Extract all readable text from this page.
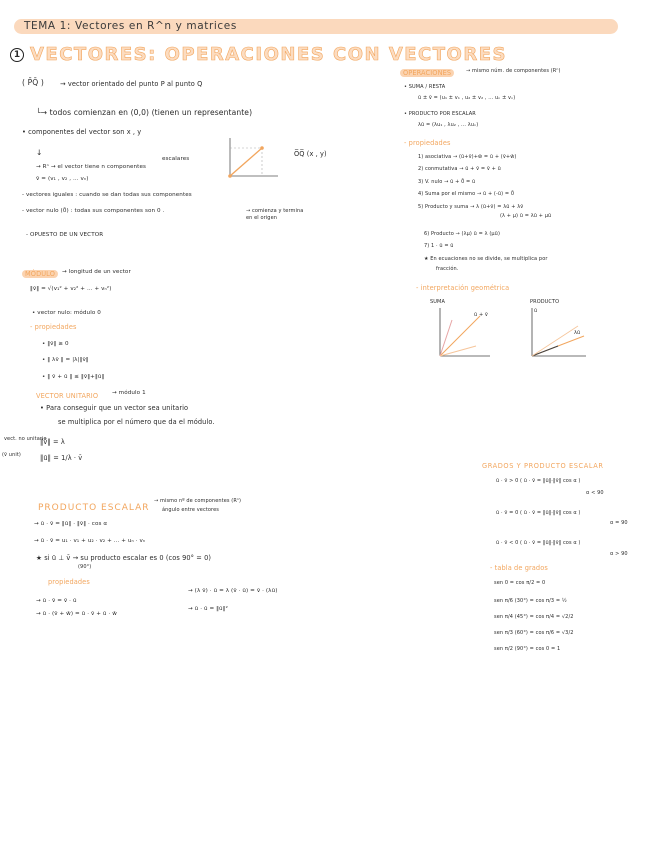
TEMA 1: Vectores en R^n y matrices
1 VECTORES: OPERACIONES CON VECTORES
( P̄Q̄ ) → vector orientado del punto P al punto Q
└→ todos comienzan en (0,0) (tienen un representante)
• componentes del vector son x , y
escalares
O̅Q̅ (x , y)
↓
→ Rⁿ → el vector tiene n componentes
v̄ = (v₁ , v₂ , ... vₙ)
- vectores iguales : cuando se dan todas sus componentes
- vector nulo (0̄) : todas sus componentes son 0 .	→ comienza y termina en el origen
- OPUESTO DE UN VECTOR
MÓDULO	→ longitud de un vector
‖v̄‖ = √(v₁² + v₂² + ... + vₙ²)
• vector nulo: módulo 0
- propiedades
• ‖v̄‖ ≥ 0
• ‖ λv̄ ‖ = |λ|‖v̄‖
• ‖ v̄ + ū ‖ ≤ ‖v̄‖+‖ū‖
VECTOR UNITARIO → módulo 1
• Para conseguir que un vector sea unitario
se multiplica por el número que da el módulo.
vect. no unitario
(v̄ unit)
‖v̄‖ = λ
‖ū‖ = 1/λ · v̄
PRODUCTO ESCALAR
→ mismo nº de componentes (Rⁿ)
ángulo entre vectores
→ ū · v̄ = ‖ū‖ · ‖v̄‖ · cos α
→ ū · v̄ = u₁ · v₁ + u₂ · v₂ + ... + uₙ · vₙ
★ si ū ⊥ v̄ → su producto escalar es 0 (cos 90° = 0)
(90°)
propiedades
→ ū · v̄ = v̄ · ū
→ ū · (v̄ + w̄) = ū · v̄ + ū · w̄
→ (λ v̄) · ū = λ (v̄ · ū) = v̄ · (λū)
→ ū · ū = ‖ū‖²
OPERACIONES	→ mismo núm. de componentes (Rⁿ)
• SUMA / RESTA
ū ± v̄ = (u₁ ± v₁ , u₂ ± v₂ , ... uₙ ± vₙ)
• PRODUCTO POR ESCALAR
λū = (λu₁ , λu₂ , ... λuₙ)
- propiedades
1) asociativa → (ū+v̄)+w̄ = ū + (v̄+w̄)
2) conmutativa → ū + v̄ = v̄ + ū
3) V. nulo → ū + 0̄ = ū
4) Suma por el mismo → ū + (-ū) = 0̄
5) Producto y suma → λ (ū+v̄) = λū + λv̄
(λ + μ) ū = λū + μū
6) Producto → (λμ) ū = λ (μū)
7) 1 · ū = ū
★ En ecuaciones no se divide, se multiplica por
fracción.
- interpretación geométrica
SUMA
ū + v̄
PRODUCTO
ū
λū
GRADOS Y PRODUCTO ESCALAR
ū · v̄ > 0 ( ū · v̄ = ‖ū‖·‖v̄‖ cos α )
α < 90
ū · v̄ = 0 ( ū · v̄ = ‖ū‖·‖v̄‖ cos α )
α = 90
ū · v̄ < 0 ( ū · v̄ = ‖ū‖·‖v̄‖ cos α )
α > 90
- tabla de grados
sen 0 = cos π/2 = 0
sen π/6 (30°) = cos π/3 = ½
sen π/4 (45°) = cos π/4 = √2/2
sen π/3 (60°) = cos π/6 = √3/2
sen π/2 (90°) = cos 0 = 1
